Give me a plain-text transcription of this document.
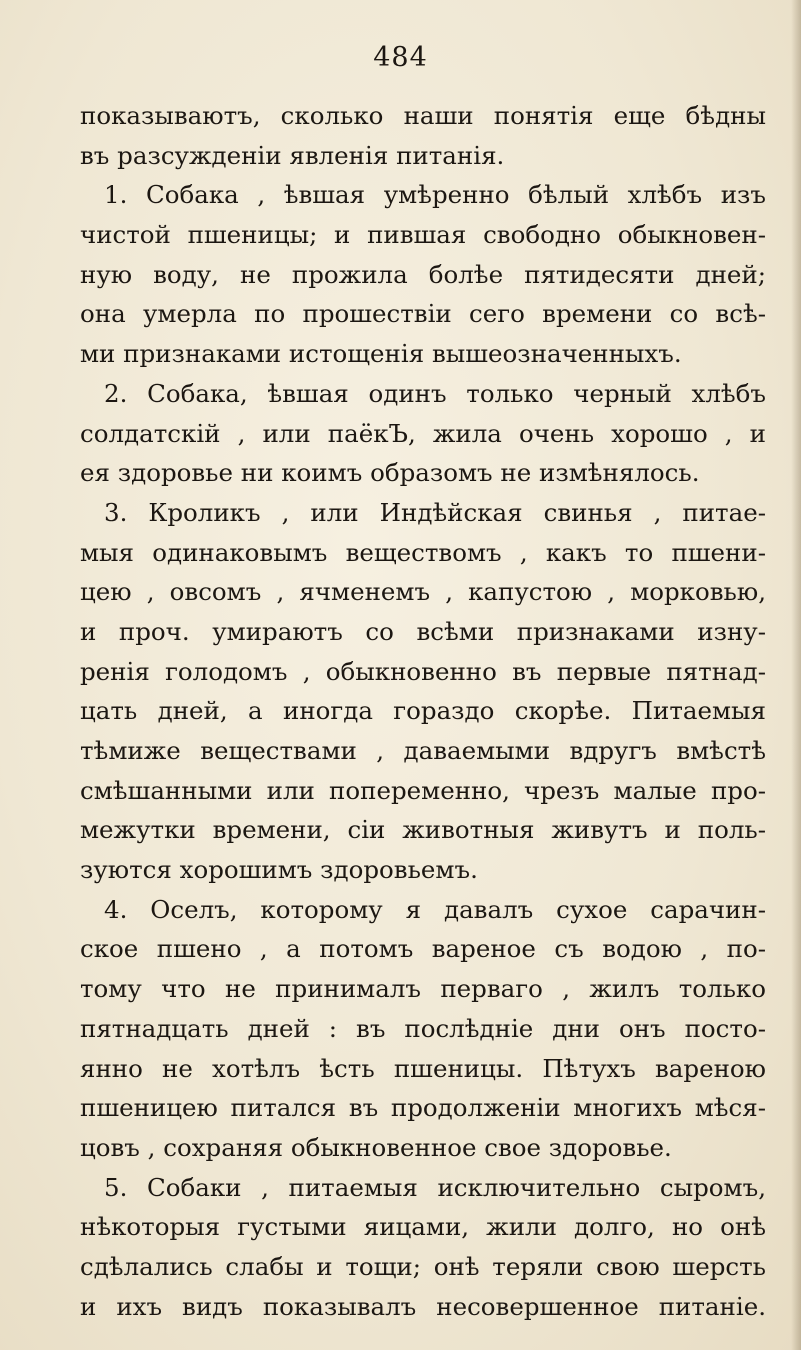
484
показываютъ, сколько наши понятія еще бѣдны
въ разсужденіи явленія питанія.
1. Собака , ѣвшая умѣренно бѣлый хлѣбъ изъ
чистой пшеницы; и пившая свободно обыкновен-
ную воду, не прожила болѣе пятидесяти дней;
она умерла по прошествіи сего времени со всѣ-
ми признаками истощенія вышеозначенныхъ.
2. Собака, ѣвшая одинъ только черный хлѣбъ
солдатскій , или паёкЪ, жила очень хорошо , и
ея здоровье ни коимъ образомъ не измѣнялось.
3. Кроликъ , или Индѣйская свинья , питае-
мыя одинаковымъ веществомъ , какъ то пшени-
цею , овсомъ , ячменемъ , капустою , морковью,
и проч. умираютъ со всѣми признаками изну-
ренія голодомъ , обыкновенно въ первые пятнад-
цать дней, а иногда гораздо скорѣе. Питаемыя
тѣмиже веществами , даваемыми вдругъ вмѣстѣ
смѣшанными или попеременно, чрезъ малые про-
межутки времени, сіи животныя живутъ и поль-
зуются хорошимъ здоровьемъ.
4. Оселъ, которому я давалъ сухое сарачин-
ское пшено , а потомъ вареное съ водою , по-
тому что не принималъ перваго , жилъ только
пятнадцать дней : въ послѣдніе дни онъ посто-
янно не хотѣлъ ѣсть пшеницы. Пѣтухъ вареною
пшеницею питался въ продолженіи многихъ мѣся-
цовъ , сохраняя обыкновенное свое здоровье.
5. Собаки , питаемыя исключительно сыромъ,
нѣкоторыя густыми яицами, жили долго, но онѣ
сдѣлались слабы и тощи; онѣ теряли свою шерсть
и ихъ видъ показывалъ несовершенное питаніе.
